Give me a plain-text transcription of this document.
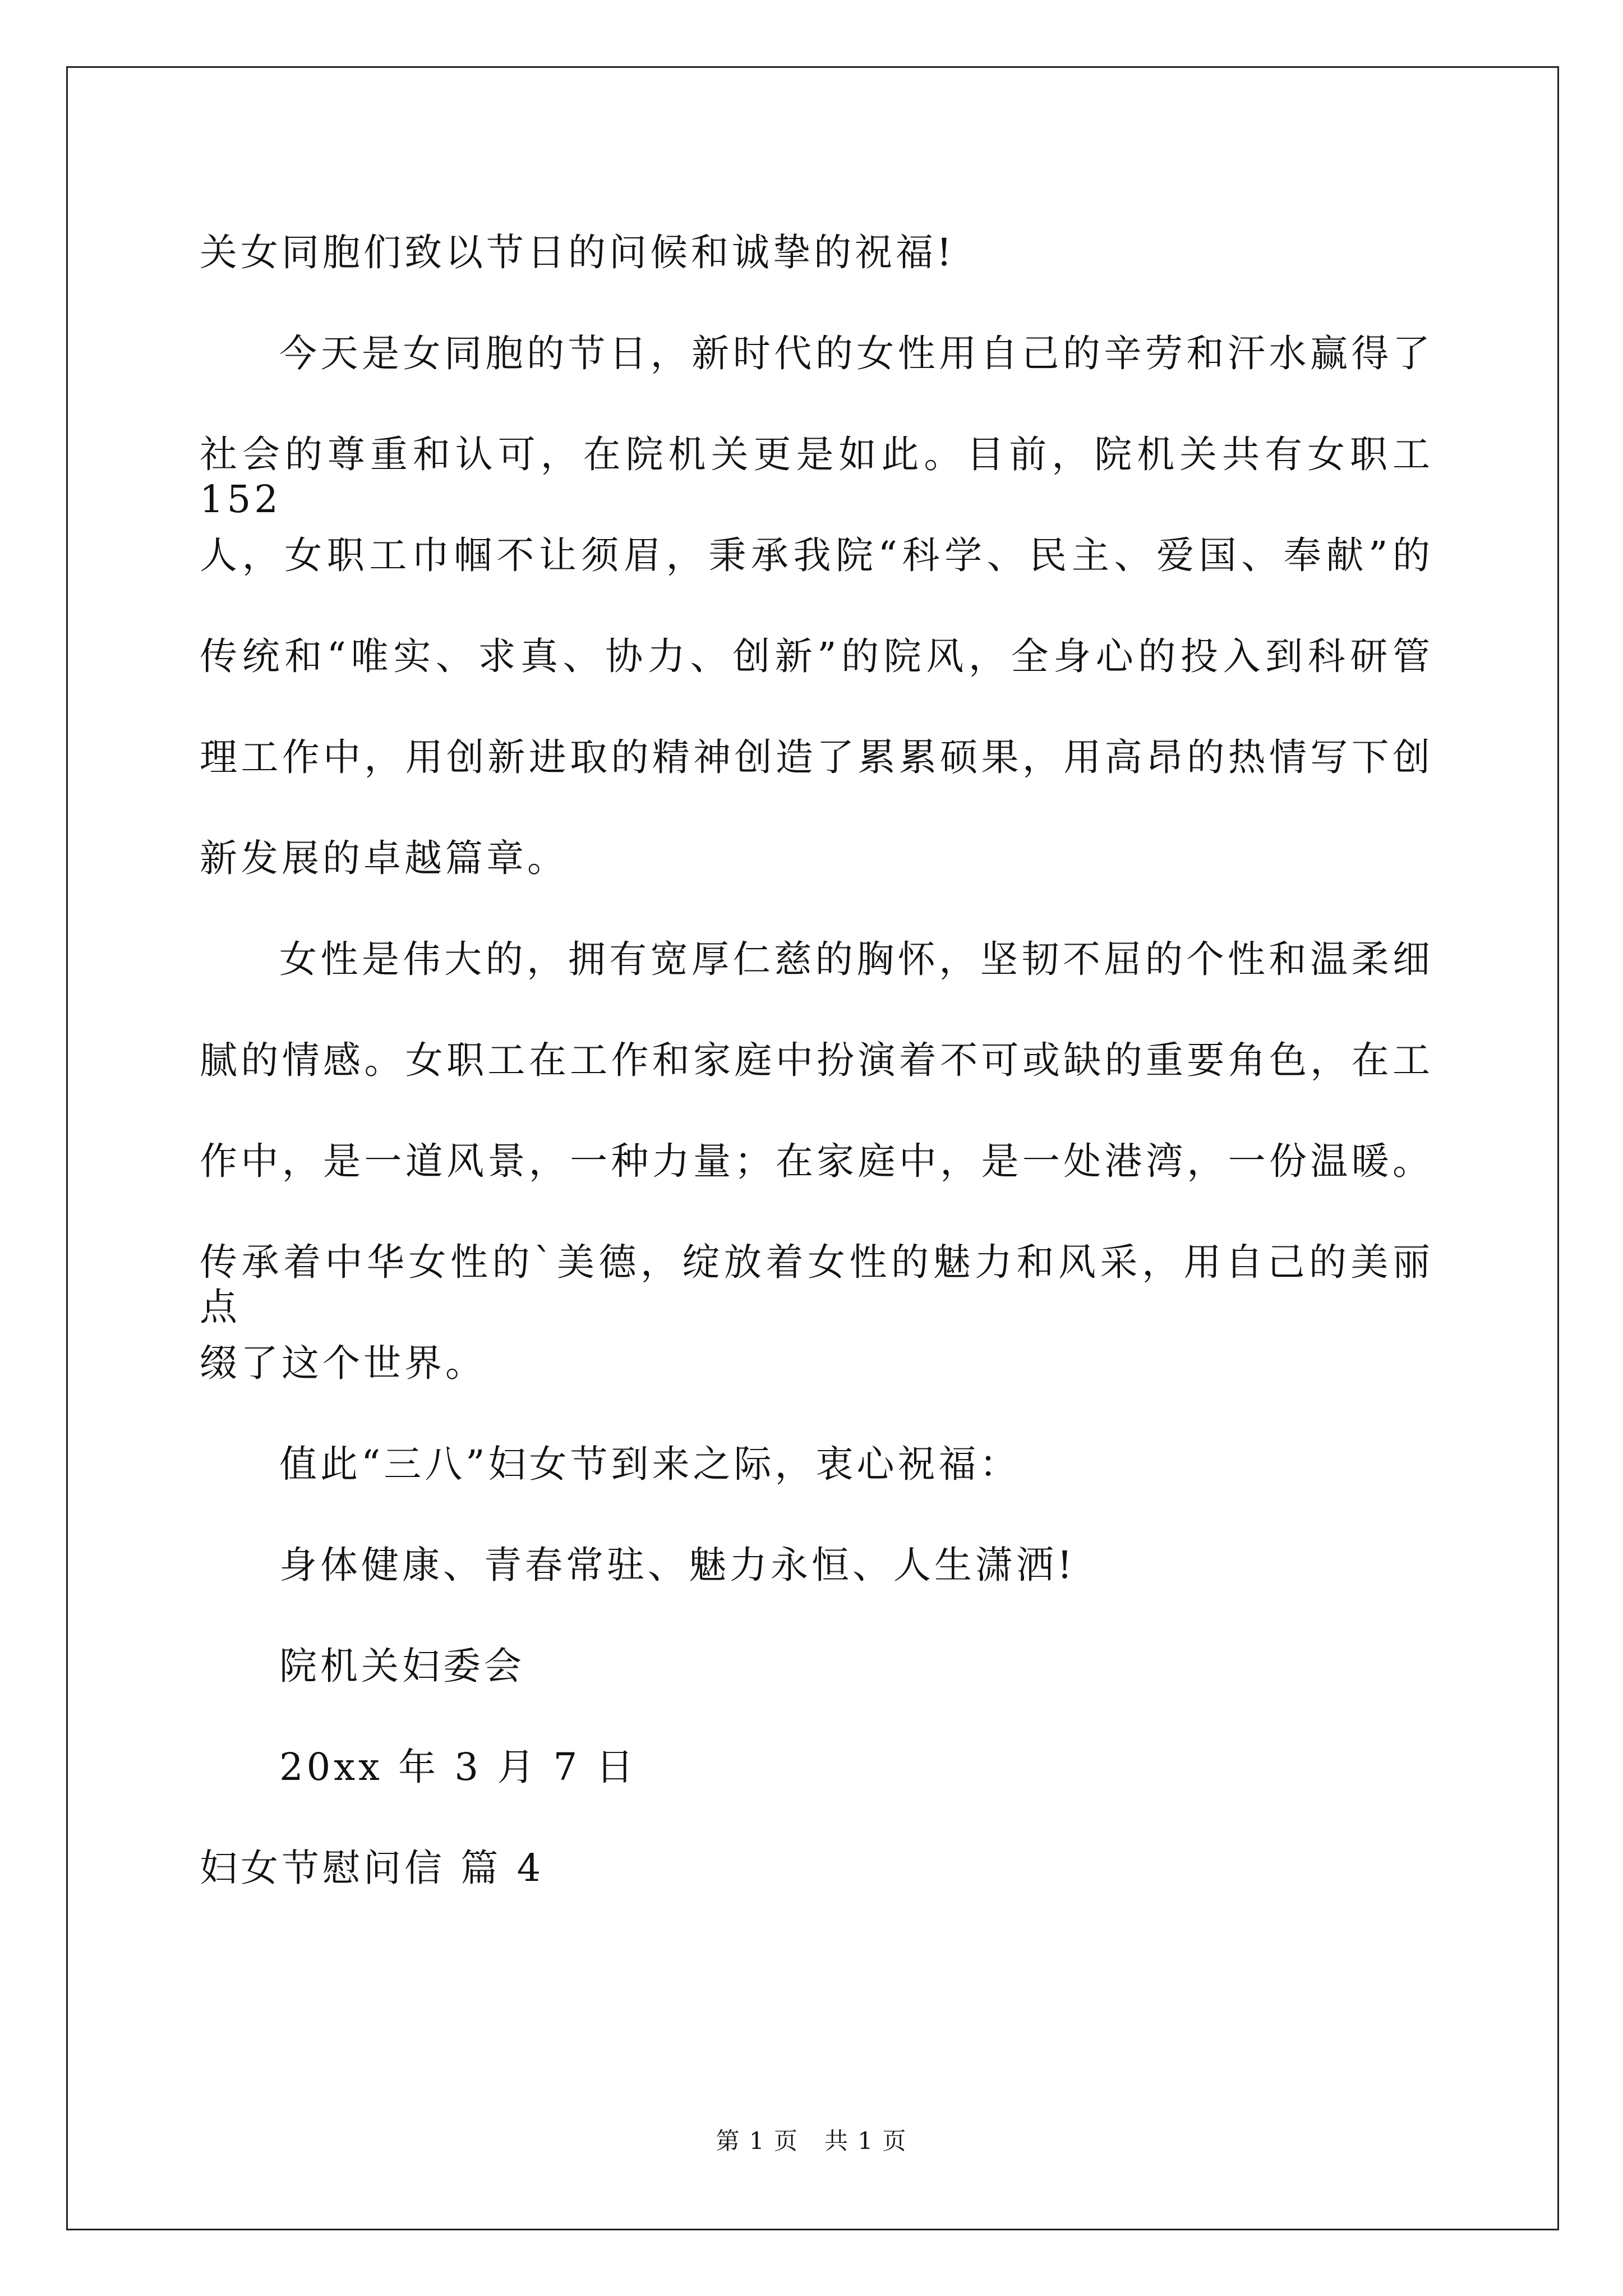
关女同胞们致以节日的问候和诚挚的祝福!
今天是女同胞的节日，新时代的女性用自己的辛劳和汗水赢得了
社会的尊重和认可，在院机关更是如此。目前，院机关共有女职工 152
人，女职工巾帼不让须眉，秉承我院“科学、民主、爱国、奉献”的
传统和“唯实、求真、协力、创新”的院风，全身心的投入到科研管
理工作中，用创新进取的精神创造了累累硕果，用高昂的热情写下创
新发展的卓越篇章。
女性是伟大的，拥有宽厚仁慈的胸怀，坚韧不屈的个性和温柔细
腻的情感。女职工在工作和家庭中扮演着不可或缺的重要角色，在工
作中，是一道风景，一种力量；在家庭中，是一处港湾，一份温暖。
传承着中华女性的`美德，绽放着女性的魅力和风采，用自己的美丽点
缀了这个世界。
值此“三八”妇女节到来之际，衷心祝福：
身体健康、青春常驻、魅力永恒、人生潇洒!
院机关妇委会
20xx 年 3 月 7 日
妇女节慰问信 篇 4
第 1 页   共 1 页
